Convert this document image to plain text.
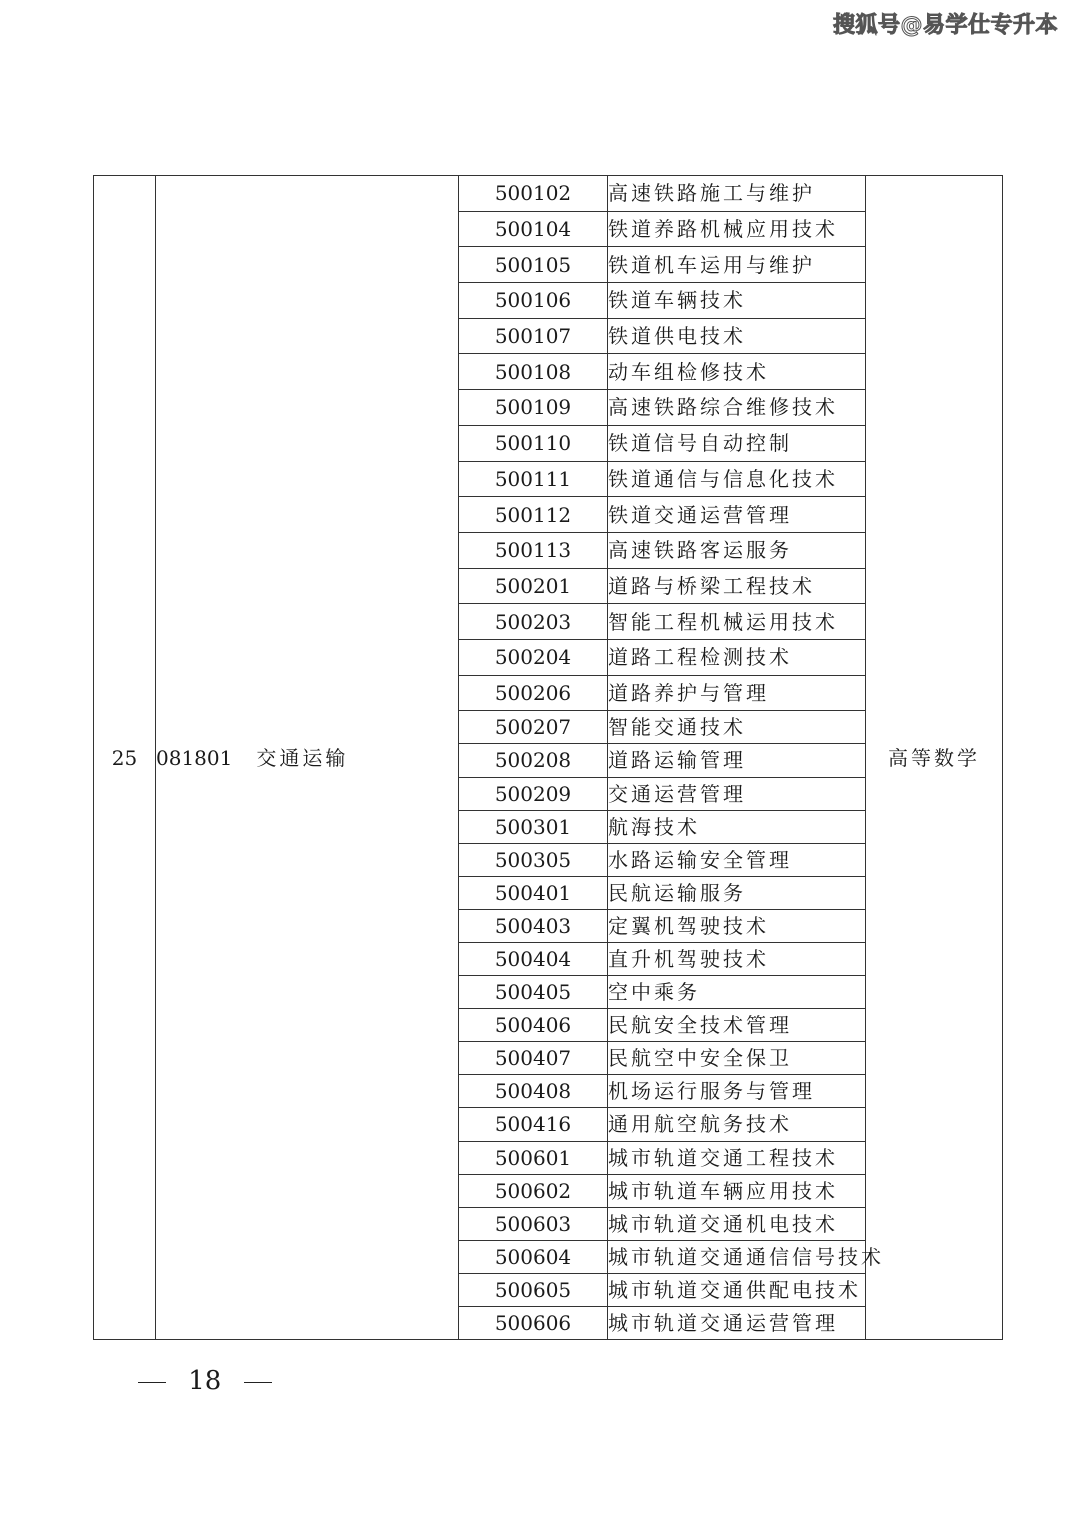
搜狐号@易学仕专升本
25	081801 交通运输	500102	高速铁路施工与维护	高等数学
		500104	铁道养路机械应用技术	
		500105	铁道机车运用与维护	
		500106	铁道车辆技术	
		500107	铁道供电技术	
		500108	动车组检修技术	
		500109	高速铁路综合维修技术	
		500110	铁道信号自动控制	
		500111	铁道通信与信息化技术	
		500112	铁道交通运营管理	
		500113	高速铁路客运服务	
		500201	道路与桥梁工程技术	
		500203	智能工程机械运用技术	
		500204	道路工程检测技术	
		500206	道路养护与管理	
		500207	智能交通技术	
		500208	道路运输管理	
		500209	交通运营管理	
		500301	航海技术	
		500305	水路运输安全管理	
		500401	民航运输服务	
		500403	定翼机驾驶技术	
		500404	直升机驾驶技术	
		500405	空中乘务	
		500406	民航安全技术管理	
		500407	民航空中安全保卫	
		500408	机场运行服务与管理	
		500416	通用航空航务技术	
		500601	城市轨道交通工程技术	
		500602	城市轨道车辆应用技术	
		500603	城市轨道交通机电技术	
		500604	城市轨道交通通信信号技术	
		500605	城市轨道交通供配电技术	
		500606	城市轨道交通运营管理	
18
